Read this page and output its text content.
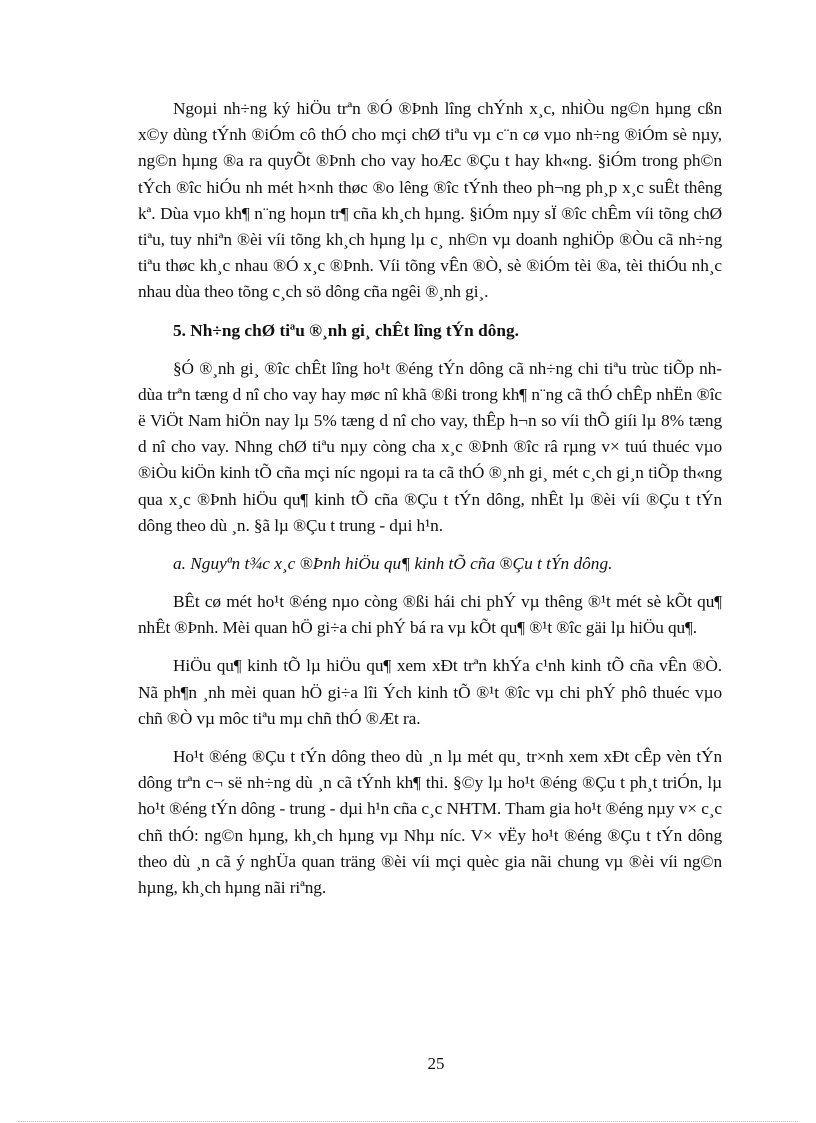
Ngoµi nh÷ng ký hiÖu trªn ®Ó ®Þnh lîng chÝnh x¸c, nhiÒu ng©n hµng cßn x©y dùng tÝnh ®iÓm cô thÓ cho mçi chØ tiªu vµ c¨n cø vµo nh÷ng ®iÓm sè nµy, ng©n hµng ®a ra quyÕt ®Þnh cho vay hoÆc ®Çu t hay kh«ng. §iÓm trong ph©n tÝch ®îc hiÓu nh mét h×nh thøc ®o lêng ®îc tÝnh theo ph¬ng ph¸p x¸c suÊt thêng kª. Dùa vµo kh¶ n¨ng hoµn tr¶ cña kh¸ch hµng. §iÓm nµy sÏ ®îc chÊm víi tõng chØ tiªu, tuy nhiªn ®èi víi tõng kh¸ch hµng lµ c¸ nh©n vµ doanh nghiÖp ®Òu cã nh÷ng tiªu thøc kh¸c nhau ®Ó x¸c ®Þnh. Víi tõng vÊn ®Ò, sè ®iÓm tèi ®a, tèi thiÓu nh¸c nhau dùa theo tõng c¸ch sö dông cña ngêi ®¸nh gi¸.

5. Nh÷ng chØ tiªu ®¸nh gi¸ chÊt lîng tÝn dông.

§Ó ®¸nh gi¸ ®îc chÊt lîng ho¹t ®éng tÝn dông cã nh÷ng chi tiªu trùc tiÕp nh dùa trªn tæng d nî cho vay hay møc nî khã ®ßi trong kh¶ n¨ng cã thÓ chÊp nhËn ®îc ë ViÖt Nam hiÖn nay lµ 5% tæng d nî cho vay, thÊp h¬n so víi thÕ giíi lµ 8% tæng d nî cho vay. Nhng chØ tiªu nµy còng cha x¸c ®Þnh ®îc râ rµng v× tuú thuéc vµo ®iÒu kiÖn kinh tÕ cña mçi níc ngoµi ra ta cã thÓ ®¸nh gi¸ mét c¸ch gi¸n tiÕp th«ng qua x¸c ®Þnh hiÖu qu¶ kinh tÕ cña ®Çu t tÝn dông, nhÊt lµ ®èi víi ®Çu t tÝn dông theo dù ¸n. §ã lµ ®Çu t trung - dµi h¹n.

a. Nguyªn t¾c x¸c ®Þnh hiÖu qu¶ kinh tÕ cña ®Çu t tÝn dông.

BÊt cø mét ho¹t ®éng nµo còng ®ßi hái chi phÝ vµ thêng ®¹t mét sè kÕt qu¶ nhÊt ®Þnh. Mèi quan hÖ gi÷a chi phÝ bá ra vµ kÕt qu¶ ®¹t ®îc gäi lµ hiÖu qu¶.

HiÖu qu¶ kinh tÕ lµ hiÖu qu¶ xem xÐt trªn khÝa c¹nh kinh tÕ cña vÊn ®Ò. Nã ph¶n ¸nh mèi quan hÖ gi÷a lîi Ých kinh tÕ ®¹t ®îc vµ chi phÝ phô thuéc vµo chñ ®Ò vµ môc tiªu mµ chñ thÓ ®Æt ra.

Ho¹t ®éng ®Çu t tÝn dông theo dù ¸n lµ mét qu¸ tr×nh xem xÐt cÊp vèn tÝn dông trªn c¬ së nh÷ng dù ¸n cã tÝnh kh¶ thi. §©y lµ ho¹t ®éng ®Çu t ph¸t triÓn, lµ ho¹t ®éng tÝn dông - trung - dµi h¹n cña c¸c NHTM. Tham gia ho¹t ®éng nµy v× c¸c chñ thÓ: ng©n hµng, kh¸ch hµng vµ Nhµ níc. V× vËy ho¹t ®éng ®Çu t tÝn dông theo dù ¸n cã ý nghÜa quan träng ®èi víi mçi quèc gia nãi chung vµ ®èi víi ng©n hµng, kh¸ch hµng nãi riªng.

25
